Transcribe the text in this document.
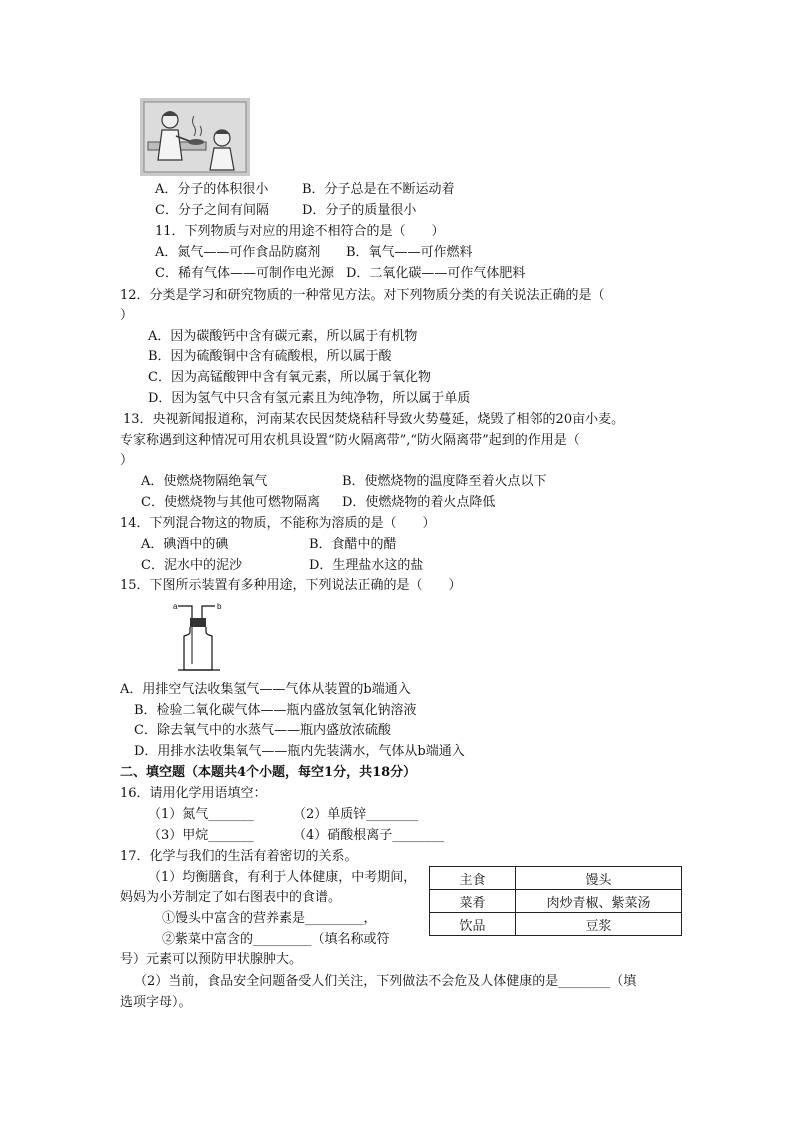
A．分子的体积很小	B．分子总是在不断运动着
C．分子之间有间隔	D．分子的质量很小
11．下列物质与对应的用途不相符合的是（　　）
A．氮气——可作食品防腐剂 B．氧气——可作燃料
C．稀有气体——可制作电光源 D．二氧化碳——可作气体肥料
12．分类是学习和研究物质的一种常见方法。对下列物质分类的有关说法正确的是（
）
A．因为碳酸钙中含有碳元素，所以属于有机物
B．因为硫酸铜中含有硫酸根，所以属于酸
C．因为高锰酸钾中含有氧元素，所以属于氧化物
D．因为氢气中只含有氢元素且为纯净物，所以属于单质
13．央视新闻报道称，河南某农民因焚烧秸秆导致火势蔓延，烧毁了相邻的20亩小麦。
专家称遇到这种情况可用农机具设置“防火隔离带”,“防火隔离带”起到的作用是（
）
A．使燃烧物隔绝氧气	B．使燃烧物的温度降至着火点以下
C．使燃烧物与其他可燃物隔离 D．使燃烧物的着火点降低
14．下列混合物这的物质，不能称为溶质的是（　　）
A．碘酒中的碘	B．食醋中的醋
C．泥水中的泥沙	D．生理盐水这的盐
15．下图所示装置有多种用途，下列说法正确的是（　　）
a	b
A．用排空气法收集氢气——气体从装置的b端通入
B．检验二氧化碳气体——瓶内盛放氢氧化钠溶液
C．除去氧气中的水蒸气——瓶内盛放浓硫酸
D．用排水法收集氧气——瓶内先装满水，气体从b端通入
二、填空题（本题共4个小题，每空1分，共18分）
16．请用化学用语填空：
（1）氮气_______	（2）单质锌________
（3）甲烷_______	（4）硝酸根离子________
17．化学与我们的生活有着密切的关系。
（1）均衡膳食，有利于人体健康，中考期间，
妈妈为小芳制定了如右图表中的食谱。
①馒头中富含的营养素是_________，
②紫菜中富含的_________（填名称或符
号）元素可以预防甲状腺肿大。
（2）当前，食品安全问题备受人们关注，下列做法不会危及人体健康的是________（填
选项字母）。
主食	馒头
菜肴	肉炒青椒、紫菜汤
饮品	豆浆
